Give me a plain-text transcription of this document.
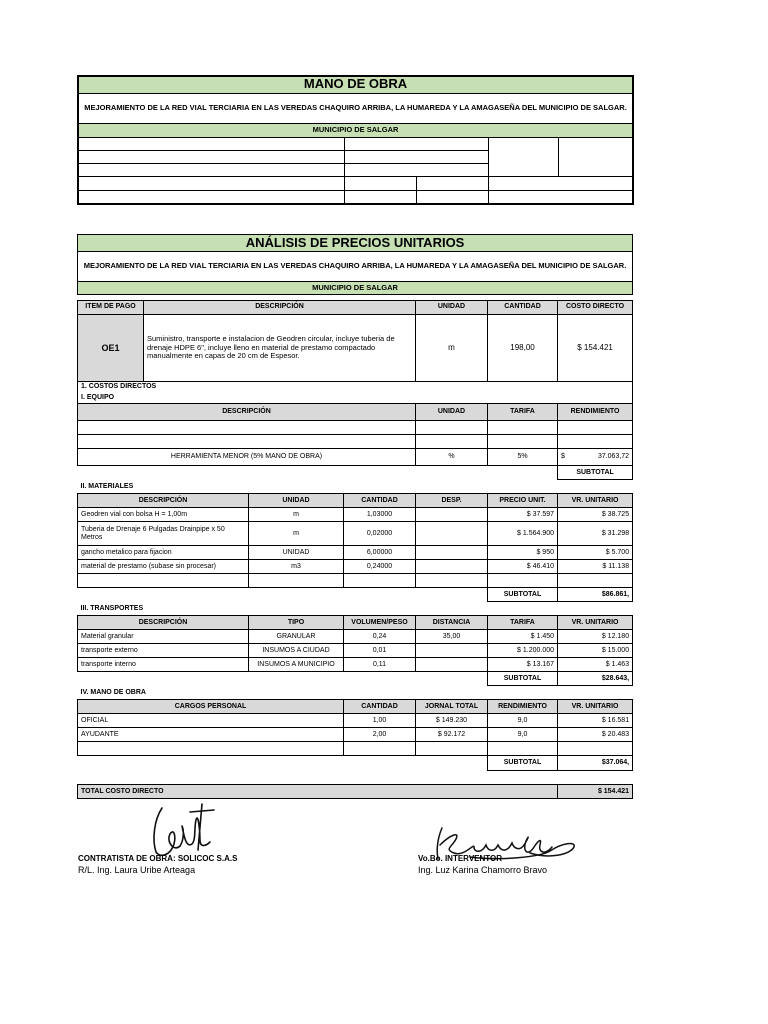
MANO DE OBRA				
MEJORAMIENTO DE LA RED VIAL TERCIARIA EN LAS VEREDAS CHAQUIRO ARRIBA, LA HUMAREDA Y LA AMAGASEÑA DEL MUNICIPIO DE SALGAR.				
MUNICIPIO DE SALGAR				

ANÁLISIS DE PRECIOS UNITARIOS							
MEJORAMIENTO DE LA RED VIAL TERCIARIA EN LAS VEREDAS CHAQUIRO ARRIBA, LA HUMAREDA Y LA AMAGASEÑA DEL MUNICIPIO DE SALGAR.							
MUNICIPIO DE SALGAR							

ITEM DE PAGO	DESCRIPCIÓN			UNIDAD	CANTIDAD	COSTO DIRECTO	
OE1	Suministro, transporte e instalacion de Geodren circular, incluye tuberia de drenaje HDPE 6", incluye lleno en material de prestamo compactado manualmente en capas de 20 cm de Espesor.			m	198,00	$ 154.421	
1. COSTOS DIRECTOS							
I. EQUIPO							
DESCRIPCIÓN				UNIDAD	TARIFA	RENDIMIENTO	

HERRAMIENTA MENOR (5% MANO DE OBRA)				%	5%	$ 37.063,72

						SUBTOTAL	
II. MATERIALES							
DESCRIPCIÓN		UNIDAD	CANTIDAD	DESP.	PRECIO UNIT.	VR. UNITARIO	
Geodren vial con bolsa H = 1,00m		m	1,03000		$ 37.597	$ 38.725	
Tuberia de Drenaje 6 Pulgadas Drainpipe x 50 Metros		m	0,02000		$ 1.564.900	$ 31.298	
gancho metalico para fijacion		UNIDAD	6,00000		$ 950	$ 5.700	
material de prestamo (subase sin procesar)		m3	0,24000		$ 46.410	$ 11.138	

					SUBTOTAL	$86.861,	
III. TRANSPORTES							
DESCRIPCIÓN		TIPO	VOLUMEN/PESO	DISTANCIA	TARIFA	VR. UNITARIO	
Material granular		GRANULAR	0,24	35,00	$ 1.450	$ 12.180	
transporte externo		INSUMOS A CIUDAD	0,01		$ 1.200.000	$ 15.000	
transporte interno		INSUMOS A MUNICIPIO	0,11		$ 13.167	$ 1.463	
					SUBTOTAL	$28.643,	
IV. MANO DE OBRA							
CARGOS PERSONAL			CANTIDAD	JORNAL TOTAL	RENDIMIENTO	VR. UNITARIO	
OFICIAL			1,00	$ 149.230	9,0	$ 16.581	
AYUDANTE			2,00	$ 92.172	9,0	$ 20.483	

					SUBTOTAL	$37.064,	

TOTAL COSTO DIRECTO						$ 154.421	
CONTRATISTA DE OBRA: SOLICOC S.A.S
R/L. Ing. Laura Uribe Arteaga
Vo.Bo. INTERVENTOR
Ing. Luz Karina Chamorro Bravo
